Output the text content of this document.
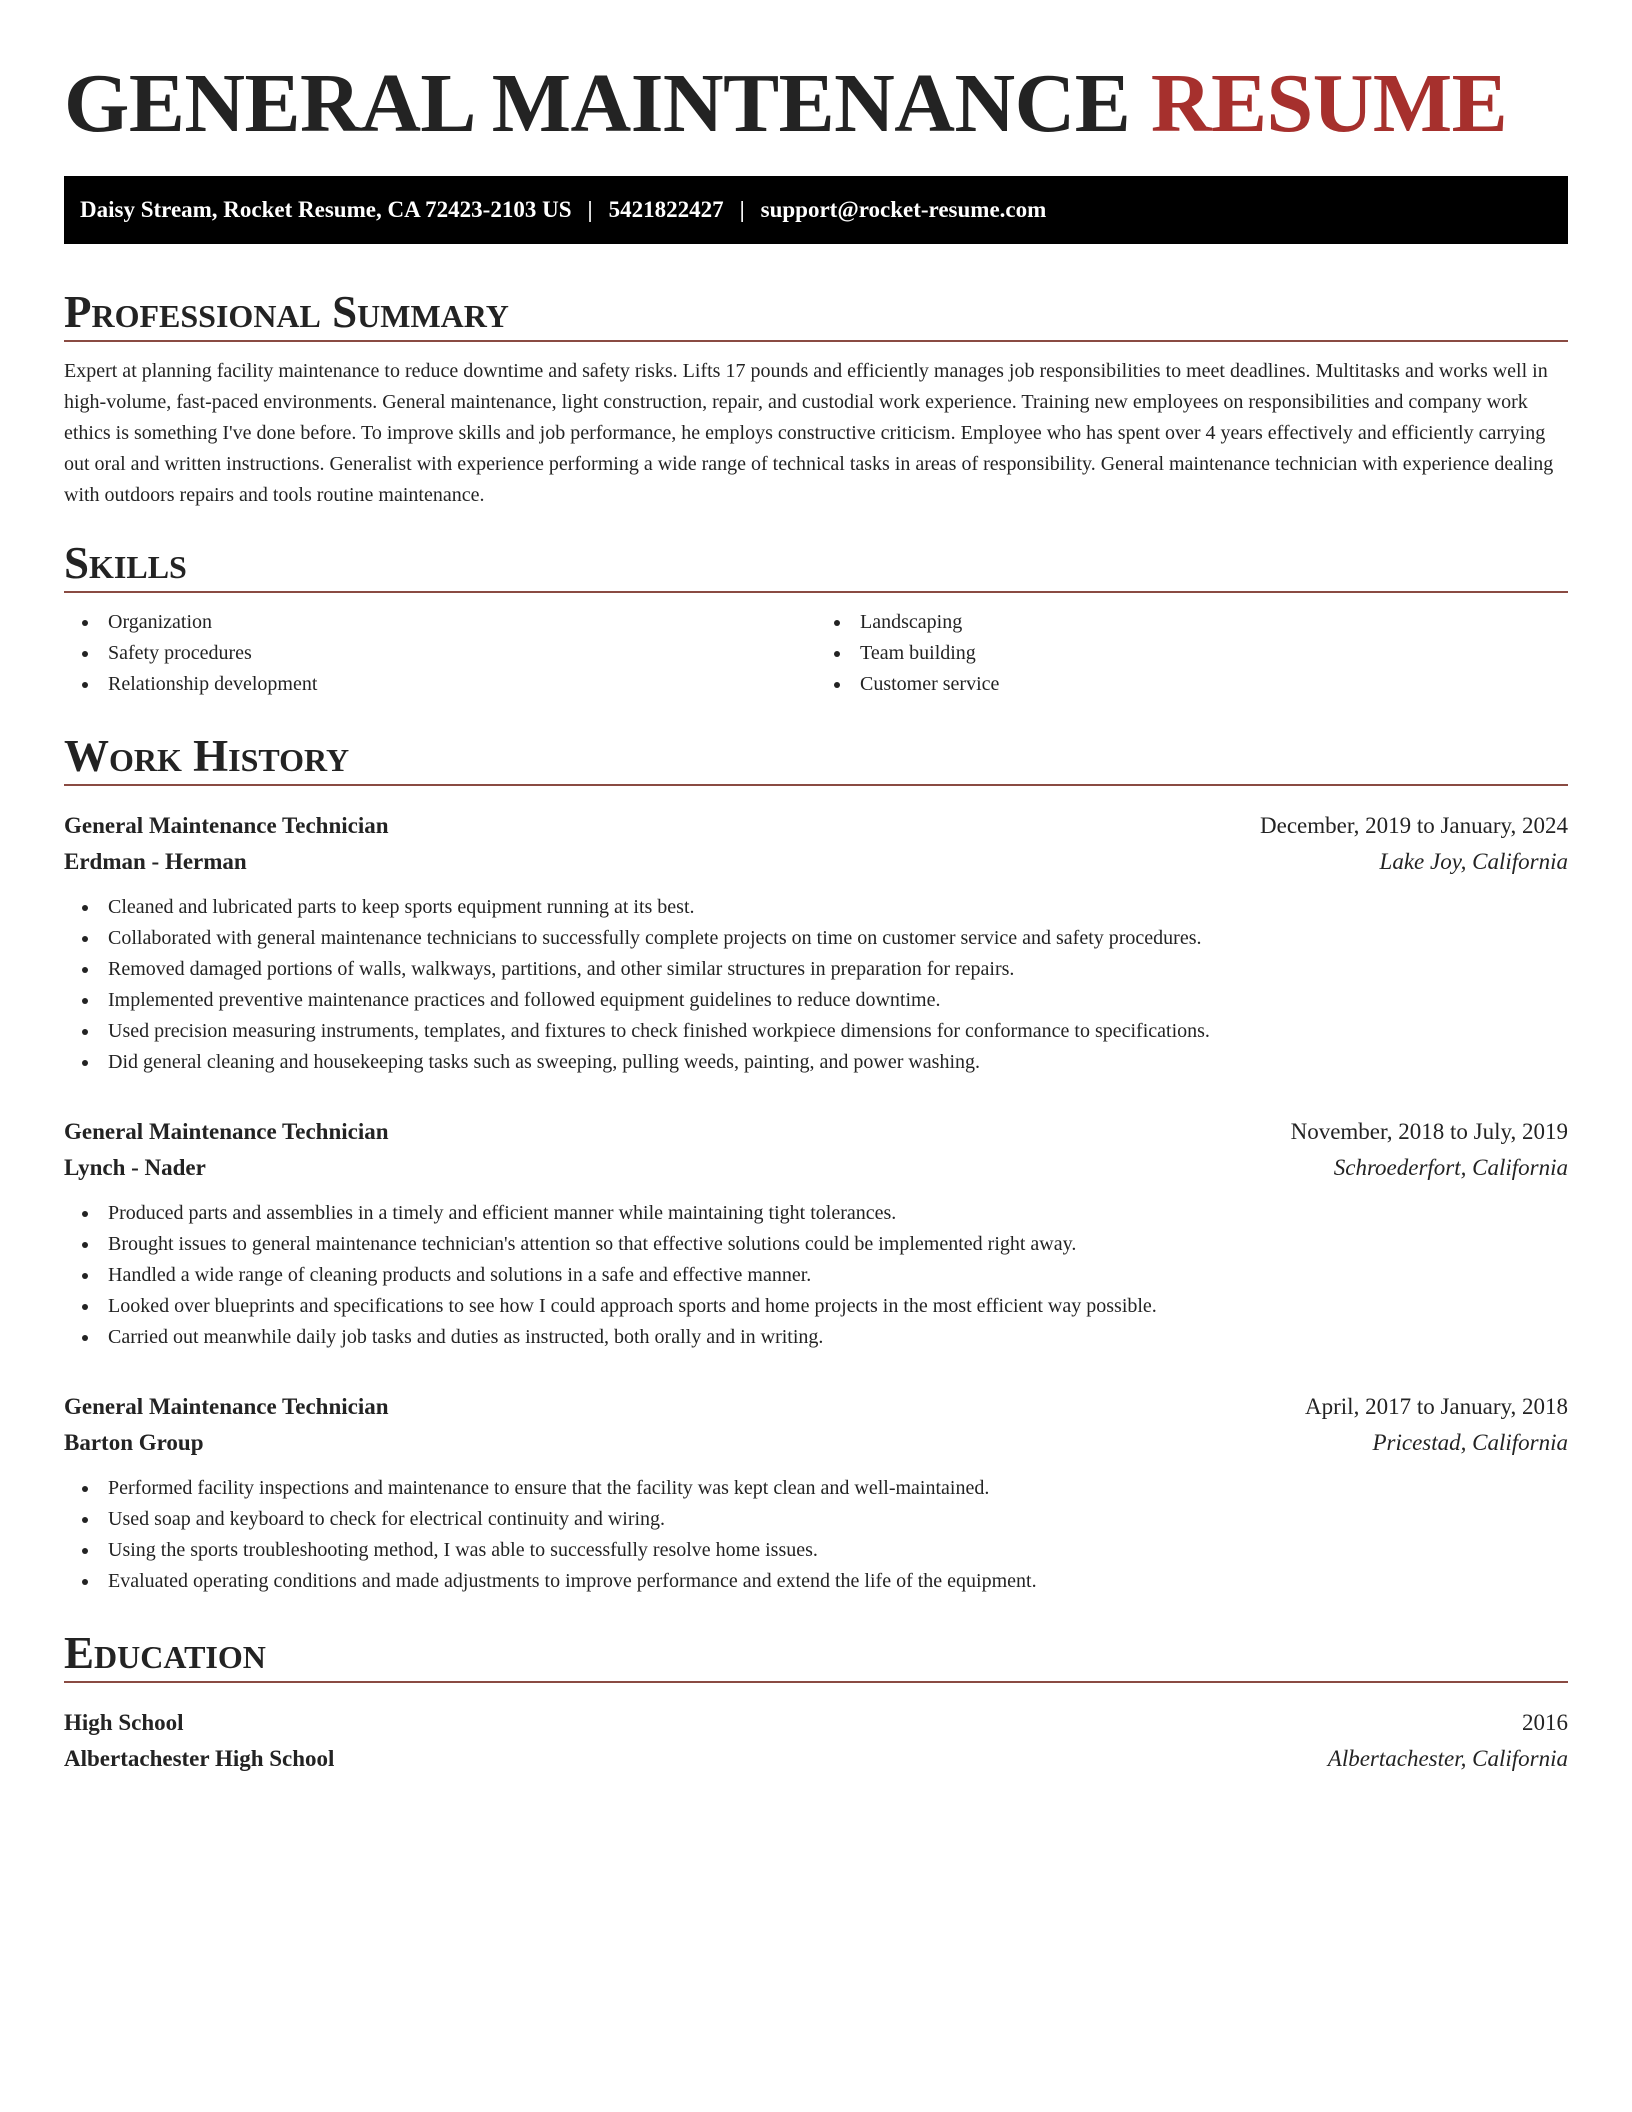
GENERAL MAINTENANCE RESUME
Daisy Stream, Rocket Resume, CA 72423-2103 US | 5421822427 | support@rocket-resume.com
Professional Summary

Expert at planning facility maintenance to reduce downtime and safety risks. Lifts 17 pounds and efficiently manages job responsibilities to meet deadlines. Multitasks and works well in high-volume, fast-paced environments. General maintenance, light construction, repair, and custodial work experience. Training new employees on responsibilities and company work ethics is something I've done before. To improve skills and job performance, he employs constructive criticism. Employee who has spent over 4 years effectively and efficiently carrying out oral and written instructions. Generalist with experience performing a wide range of technical tasks in areas of responsibility. General maintenance technician with experience dealing with outdoors repairs and tools routine maintenance.

Skills
Organization
Safety procedures
Relationship development
Landscaping
Team building
Customer service
Work History
General Maintenance Technician	December, 2019 to January, 2024
Erdman - Herman	Lake Joy, California
Cleaned and lubricated parts to keep sports equipment running at its best.
Collaborated with general maintenance technicians to successfully complete projects on time on customer service and safety procedures.
Removed damaged portions of walls, walkways, partitions, and other similar structures in preparation for repairs.
Implemented preventive maintenance practices and followed equipment guidelines to reduce downtime.
Used precision measuring instruments, templates, and fixtures to check finished workpiece dimensions for conformance to specifications.
Did general cleaning and housekeeping tasks such as sweeping, pulling weeds, painting, and power washing.
General Maintenance Technician	November, 2018 to July, 2019
Lynch - Nader	Schroederfort, California
Produced parts and assemblies in a timely and efficient manner while maintaining tight tolerances.
Brought issues to general maintenance technician's attention so that effective solutions could be implemented right away.
Handled a wide range of cleaning products and solutions in a safe and effective manner.
Looked over blueprints and specifications to see how I could approach sports and home projects in the most efficient way possible.
Carried out meanwhile daily job tasks and duties as instructed, both orally and in writing.
General Maintenance Technician	April, 2017 to January, 2018
Barton Group	Pricestad, California
Performed facility inspections and maintenance to ensure that the facility was kept clean and well-maintained.
Used soap and keyboard to check for electrical continuity and wiring.
Using the sports troubleshooting method, I was able to successfully resolve home issues.
Evaluated operating conditions and made adjustments to improve performance and extend the life of the equipment.
Education
High School	2016
Albertachester High School	Albertachester, California
